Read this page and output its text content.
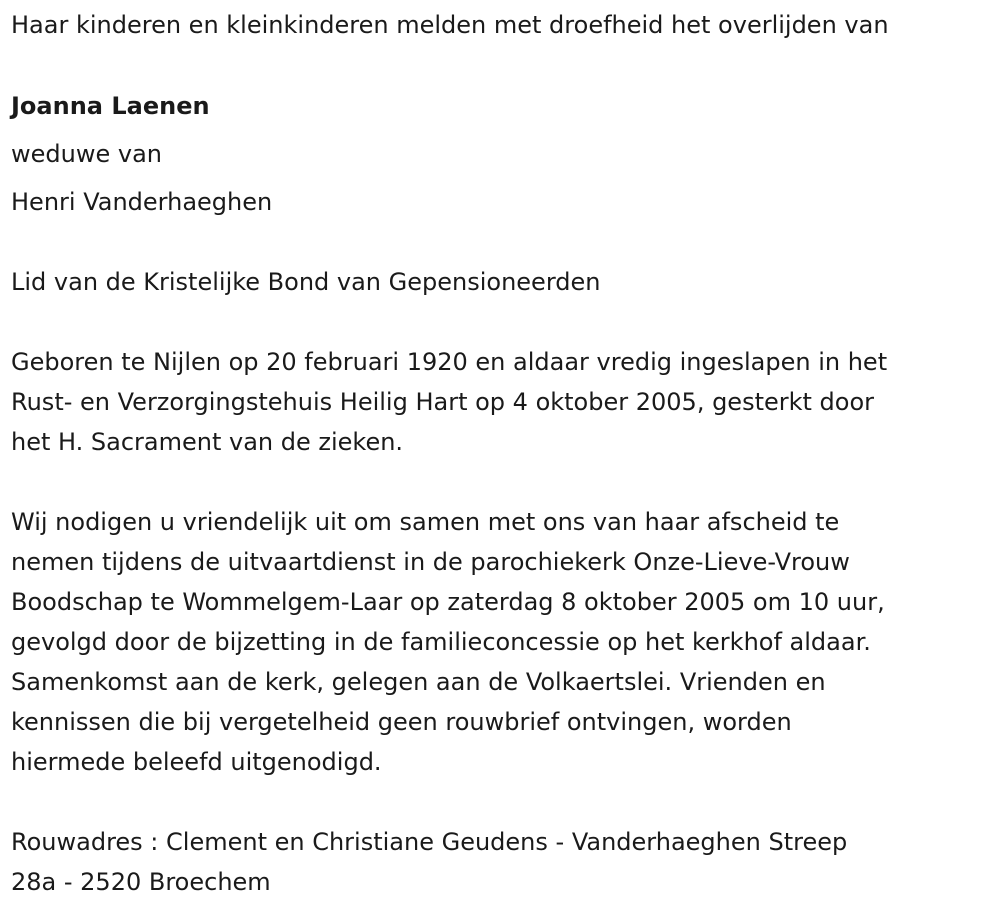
Haar kinderen en kleinkinderen melden met droefheid het overlijden van

Joanna Laenen

weduwe van

Henri Vanderhaeghen

Lid van de Kristelijke Bond van Gepensioneerden

Geboren te Nijlen op 20 februari 1920 en aldaar vredig ingeslapen in het

Rust- en Verzorgingstehuis Heilig Hart op 4 oktober 2005, gesterkt door

het H. Sacrament van de zieken.

Wij nodigen u vriendelijk uit om samen met ons van haar afscheid te

nemen tijdens de uitvaartdienst in de parochiekerk Onze-Lieve-Vrouw

Boodschap te Wommelgem-Laar op zaterdag 8 oktober 2005 om 10 uur,

gevolgd door de bijzetting in de familieconcessie op het kerkhof aldaar.

Samenkomst aan de kerk, gelegen aan de Volkaertslei. Vrienden en

kennissen die bij vergetelheid geen rouwbrief ontvingen, worden

hiermede beleefd uitgenodigd.

Rouwadres : Clement en Christiane Geudens - Vanderhaeghen Streep

28a - 2520 Broechem
